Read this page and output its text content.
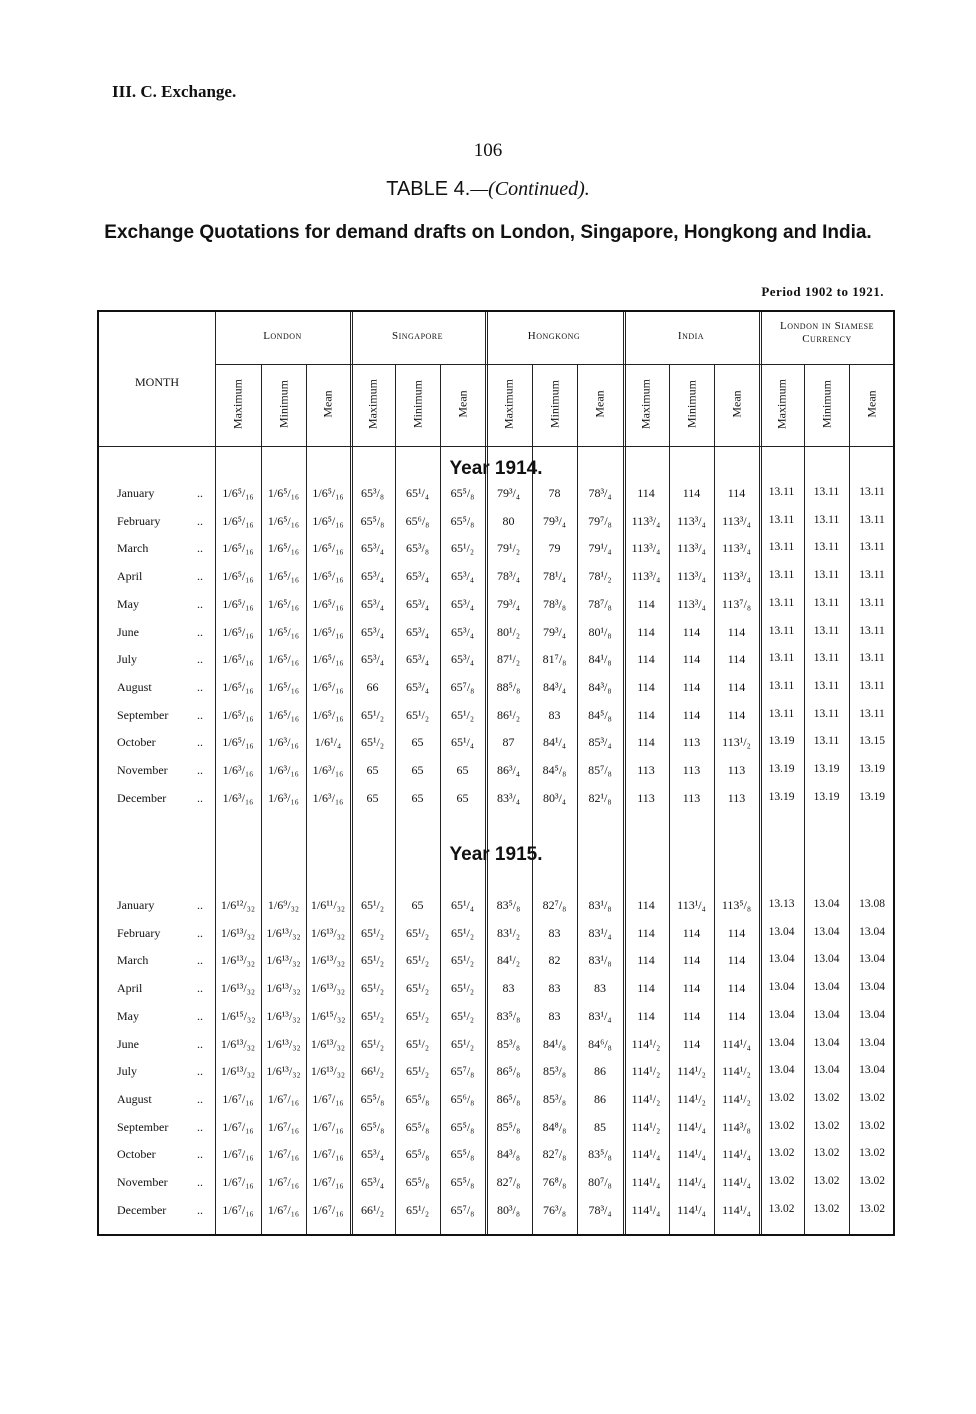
III. C. Exchange.
106
TABLE 4.—(Continued).
Exchange Quotations for demand drafts on London, Singapore, Hongkong and India.
Period 1902 to 1921.
MONTH
London	Singapore	Hongkong	India
London in Siamese Currency
Maximum	Minimum	Mean	Maximum	Minimum	Mean	Maximum	Minimum	Mean	Maximum	Minimum	Mean	Maximum	Minimum	Mean
Year 1914.
January	..	1/6⁵/₁₆	1/6⁵/₁₆	1/6⁵/₁₆	65³/₈	65¹/₄	65⁵/₈	79³/₄	78	78³/₄	114	114	114	13.11	13.11	13.11
February	..	1/6⁵/₁₆	1/6⁵/₁₆	1/6⁵/₁₆	65⁵/₈	65⁶/₈	65⁵/₈	80	79³/₄	79⁷/₈	113³/₄	113³/₄	113³/₄	13.11	13.11	13.11
March	..	1/6⁵/₁₆	1/6⁵/₁₆	1/6⁵/₁₆	65³/₄	65³/₈	65¹/₂	79¹/₂	79	79¹/₄	113³/₄	113³/₄	113³/₄	13.11	13.11	13.11
April	..	1/6⁵/₁₆	1/6⁵/₁₆	1/6⁵/₁₆	65³/₄	65³/₄	65³/₄	78³/₄	78¹/₄	78¹/₂	113³/₄	113³/₄	113³/₄	13.11	13.11	13.11
May	..	1/6⁵/₁₆	1/6⁵/₁₆	1/6⁵/₁₆	65³/₄	65³/₄	65³/₄	79³/₄	78³/₈	78⁷/₈	114	113³/₄	113⁷/₈	13.11	13.11	13.11
June	..	1/6⁵/₁₆	1/6⁵/₁₆	1/6⁵/₁₆	65³/₄	65³/₄	65³/₄	80¹/₂	79³/₄	80¹/₈	114	114	114	13.11	13.11	13.11
July	..	1/6⁵/₁₆	1/6⁵/₁₆	1/6⁵/₁₆	65³/₄	65³/₄	65³/₄	87¹/₂	81⁷/₈	84¹/₈	114	114	114	13.11	13.11	13.11
August	..	1/6⁵/₁₆	1/6⁵/₁₆	1/6⁵/₁₆	66	65³/₄	65⁷/₈	88⁵/₈	84³/₄	84³/₈	114	114	114	13.11	13.11	13.11
September ..	1/6⁵/₁₆	1/6⁵/₁₆	1/6⁵/₁₆	65¹/₂	65¹/₂	65¹/₂	86¹/₂	83	84⁵/₈	114	114	114	13.11	13.11	13.11
October	..	1/6⁵/₁₆	1/6³/₁₆	1/6¹/₄	65¹/₂	65	65¹/₄	87	84¹/₄	85³/₄	114	113	113¹/₂	13.19	13.11	13.15
November ..	1/6³/₁₆	1/6³/₁₆	1/6³/₁₆	65	65	65	86³/₄	84⁵/₈	85⁷/₈	113	113	113	13.19	13.19	13.19
December	..	1/6³/₁₆	1/6³/₁₆	1/6³/₁₆	65	65	65	83³/₄	80³/₄	82¹/₈	113	113	113	13.19	13.19	13.19
Year 1915.
January	..	1/6¹²/₃₂	1/6⁹/₃₂ 1/6¹¹/₃₂	65¹/₂	65	65¹/₄	83⁵/₈	82⁷/₈	83¹/₈	114	113¹/₄	113⁵/₈	13.13	13.04	13.08
February	..	1/6¹³/₃₂ 1/6¹³/₃₂ 1/6¹³/₃₂	65¹/₂	65¹/₂	65¹/₂	83¹/₂	83	83¹/₄	114	114	114	13.04	13.04	13.04
March	..	1/6¹³/₃₂ 1/6¹³/₃₂ 1/6¹³/₃₂	65¹/₂	65¹/₂	65¹/₂	84¹/₂	82	83¹/₈	114	114	114	13.04	13.04	13.04
April	..	1/6¹³/₃₂ 1/6¹³/₃₂ 1/6¹³/₃₂	65¹/₂	65¹/₂	65¹/₂	83	83	83	114	114	114	13.04	13.04	13.04
May	..	1/6¹⁵/₃₂ 1/6¹³/₃₂ 1/6¹⁵/₃₂	65¹/₂	65¹/₂	65¹/₂	83⁵/₈	83	83¹/₄	114	114	114	13.04	13.04	13.04
June	..	1/6¹³/₃₂ 1/6¹³/₃₂ 1/6¹³/₃₂	65¹/₂	65¹/₂	65¹/₂	85³/₈	84¹/₈	84⁶/₈	114¹/₂	114	114¹/₄	13.04	13.04	13.04
July	..	1/6¹³/₃₂ 1/6¹³/₃₂ 1/6¹³/₃₂	66¹/₂	65¹/₂	65⁷/₈	86⁵/₈	85³/₈	86	114¹/₂	114¹/₂	114¹/₂	13.04	13.04	13.04
August	..	1/6⁷/₁₆	1/6⁷/₁₆	1/6⁷/₁₆	65⁵/₈	65⁵/₈	65⁶/₈	86⁵/₈	85³/₈	86	114¹/₂	114¹/₂	114¹/₂	13.02	13.02	13.02
September ..	1/6⁷/₁₆	1/6⁷/₁₆	1/6⁷/₁₆	65⁵/₈	65⁵/₈	65⁵/₈	85⁵/₈	84⁸/₈	85	114¹/₂	114¹/₄	114³/₈	13.02	13.02	13.02
October	..	1/6⁷/₁₆	1/6⁷/₁₆	1/6⁷/₁₆	65³/₄	65⁵/₈	65⁵/₈	84³/₈	82⁷/₈	83⁵/₈	114¹/₄	114¹/₄	114¹/₄	13.02	13.02	13.02
November ..	1/6⁷/₁₆	1/6⁷/₁₆	1/6⁷/₁₆	65³/₄	65⁵/₈	65⁵/₈	82⁷/₈	76⁸/₈	80⁷/₈	114¹/₄	114¹/₄	114¹/₄	13.02	13.02	13.02
December	..	1/6⁷/₁₆	1/6⁷/₁₆	1/6⁷/₁₆	66¹/₂	65¹/₂	65⁷/₈	80³/₈	76³/₈	78³/₄	114¹/₄	114¹/₄	114¹/₄	13.02	13.02	13.02
